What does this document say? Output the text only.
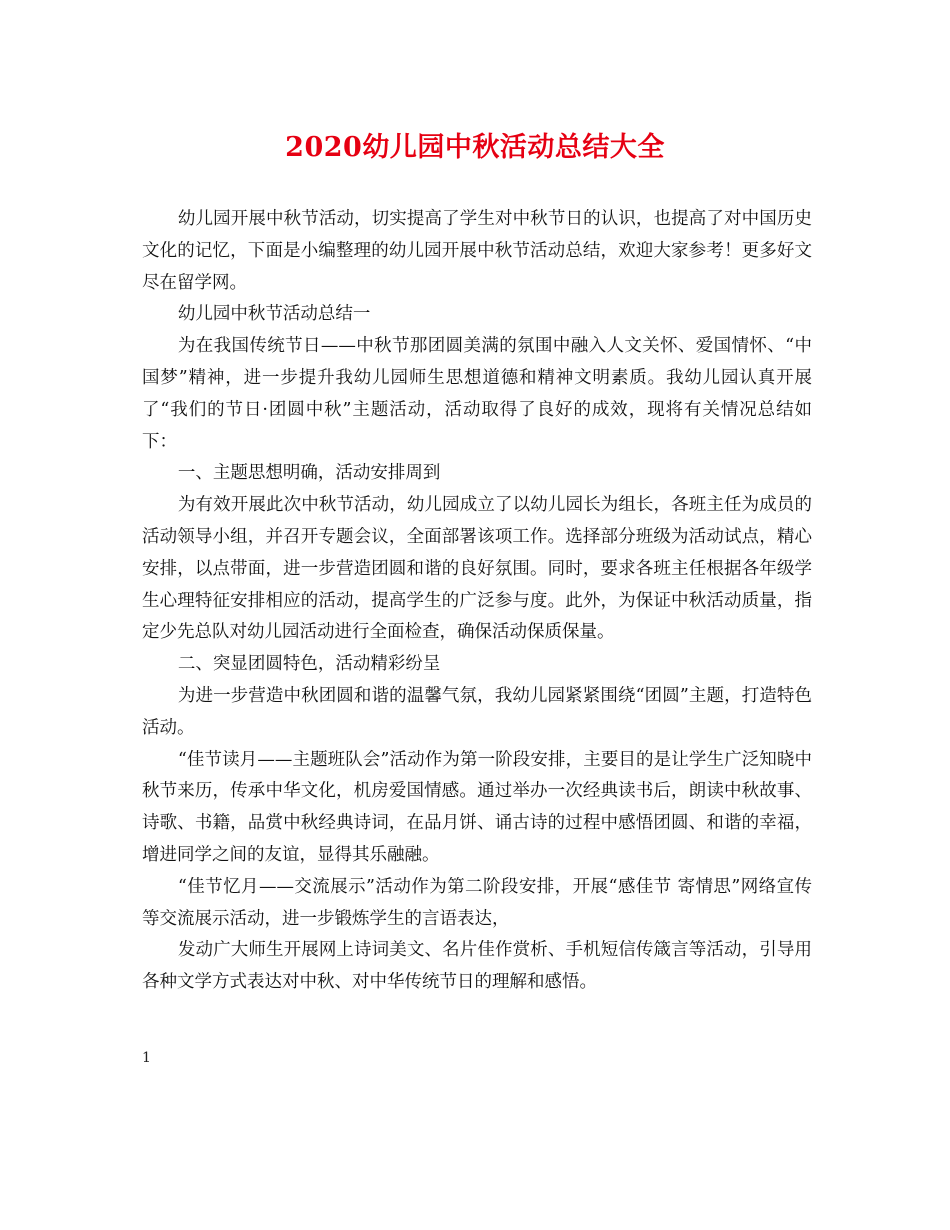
2020幼儿园中秋活动总结大全

幼儿园开展中秋节活动，切实提高了学生对中秋节日的认识，也提高了对中国历史文化的记忆，下面是小编整理的幼儿园开展中秋节活动总结，欢迎大家参考！更多好文尽在留学网。

幼儿园中秋节活动总结一

为在我国传统节日——中秋节那团圆美满的氛围中融入人文关怀、爱国情怀、“中国梦”精神，进一步提升我幼儿园师生思想道德和精神文明素质。我幼儿园认真开展了“我们的节日·团圆中秋”主题活动，活动取得了良好的成效，现将有关情况总结如下：

一、主题思想明确，活动安排周到

为有效开展此次中秋节活动，幼儿园成立了以幼儿园长为组长，各班主任为成员的活动领导小组，并召开专题会议，全面部署该项工作。选择部分班级为活动试点，精心安排，以点带面，进一步营造团圆和谐的良好氛围。同时，要求各班主任根据各年级学生心理特征安排相应的活动，提高学生的广泛参与度。此外，为保证中秋活动质量，指定少先总队对幼儿园活动进行全面检查，确保活动保质保量。

二、突显团圆特色，活动精彩纷呈

为进一步营造中秋团圆和谐的温馨气氛，我幼儿园紧紧围绕“团圆”主题，打造特色活动。

“佳节读月——主题班队会”活动作为第一阶段安排，主要目的是让学生广泛知晓中秋节来历，传承中华文化，机房爱国情感。通过举办一次经典读书后，朗读中秋故事、诗歌、书籍，品赏中秋经典诗词，在品月饼、诵古诗的过程中感悟团圆、和谐的幸福，增进同学之间的友谊，显得其乐融融。

“佳节忆月——交流展示”活动作为第二阶段安排，开展“感佳节 寄情思”网络宣传等交流展示活动，进一步锻炼学生的言语表达，

发动广大师生开展网上诗词美文、名片佳作赏析、手机短信传箴言等活动，引导用各种文学方式表达对中秋、对中华传统节日的理解和感悟。

1
